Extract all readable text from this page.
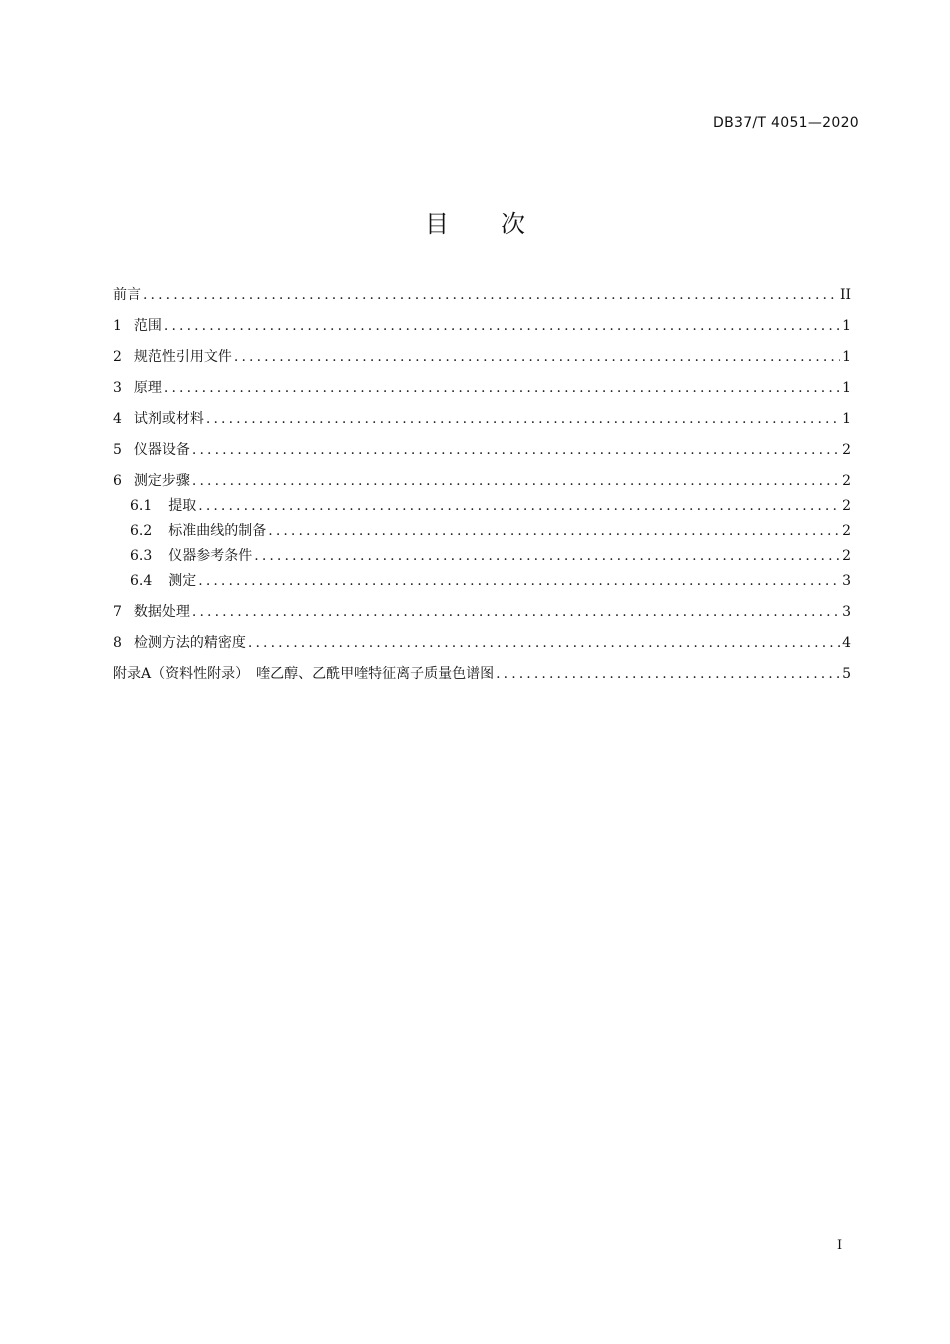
DB37/T 4051—2020
目 次
前言 .....	II
1 范围 .....	1
2 规范性引用文件 .....	1
3 原理 .....	1
4 试剂或材料 .....	1
5 仪器设备 .....	2
6 测定步骤 .....	2
6.1 提取 .....	2
6.2 标准曲线的制备 .....	2
6.3 仪器参考条件 .....	2
6.4 测定 .....	3
7 数据处理 .....	3
8 检测方法的精密度 .....	4
附录A（资料性附录）　喹乙醇、乙酰甲喹特征离子质量色谱图 .....	5
I
